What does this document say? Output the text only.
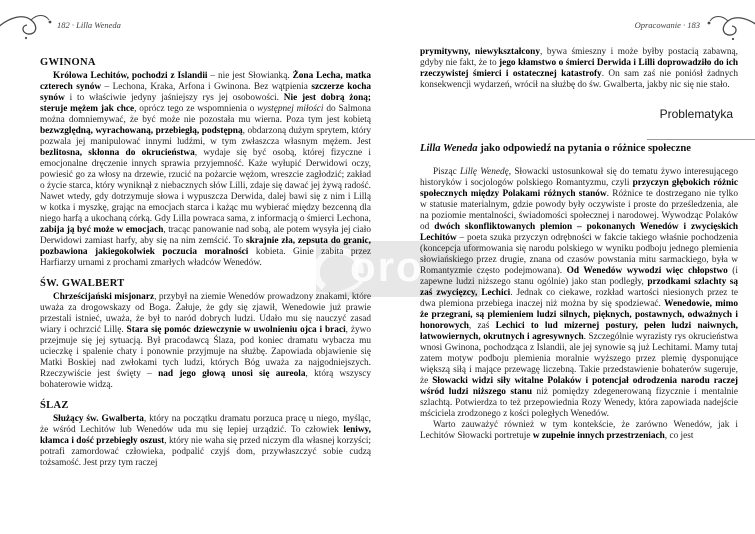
oro
182 · Lilla Weneda
GWINONA

Królowa Lechitów, pochodzi z Islandii – nie jest Słowianką. Żona Lecha, matka czterech synów – Lechona, Kraka, Arfona i Gwinona. Bez wątpienia szczerze kocha synów i to właściwie jedyny jaśniejszy rys jej osobowości. Nie jest dobrą żoną; steruje mężem jak chce, oprócz tego ze wspomnienia o występnej miłości do Salmona można domniemywać, że być może nie pozostała mu wierna. Poza tym jest kobietą bezwzględną, wyrachowaną, przebiegłą, podstępną, obdarzoną dużym sprytem, który pozwala jej manipulować innymi ludźmi, w tym zwłaszcza własnym mężem. Jest bezlitosna, skłonna do okrucieństwa, wydaje się być osobą, której fizyczne i emocjonalne dręczenie innych sprawia przyjemność. Każe wyłupić Derwidowi oczy, powiesić go za włosy na drzewie, rzucić na pożarcie wężom, wreszcie zagłodzić; zakład o życie starca, który wyniknął z niebacznych słów Lilli, zdaje się dawać jej żywą radość. Nawet wtedy, gdy dotrzymuje słowa i wypuszcza Derwida, dalej bawi się z nim i Lillą w kotka i myszkę, grając na emocjach starca i każąc mu wybierać między bezcenną dla niego harfą a ukochaną córką. Gdy Lilla powraca sama, z informacją o śmierci Lechona, zabija ją być może w emocjach, tracąc panowanie nad sobą, ale potem wysyła jej ciało Derwidowi zamiast harfy, aby się na nim zemścić. To skrajnie zła, zepsuta do granic, pozbawiona jakiegokolwiek poczucia moralności kobieta. Ginie zabita przez Harfiarzy urnami z prochami zmarłych władców Wenedów.

ŚW. GWALBERT

Chrześcijański misjonarz, przybył na ziemie Wenedów prowadzony znakami, które uważa za drogowskazy od Boga. Żałuje, że gdy się zjawił, Wenedowie już prawie przestali istnieć, uważa, że był to naród dobrych ludzi. Udało mu się nauczyć zasad wiary i ochrzcić Lillę. Stara się pomóc dziewczynie w uwolnieniu ojca i braci, żywo przejmuje się jej sytuacją. Był pracodawcą Ślaza, pod koniec dramatu wybacza mu ucieczkę i spalenie chaty i ponownie przyjmuje na służbę. Zapowiada objawienie się Matki Boskiej nad zwłokami tych ludzi, których Bóg uważa za najgodniejszych. Rzeczywiście jest święty – nad jego głową unosi się aureola, którą wszyscy bohaterowie widzą.

ŚLAZ

Służący św. Gwalberta, który na początku dramatu porzuca pracę u niego, myśląc, że wśród Lechitów lub Wenedów uda mu się lepiej urządzić. To człowiek leniwy, kłamca i dość przebiegły oszust, który nie waha się przed niczym dla własnej korzyści; potrafi zamordować człowieka, podpalić czyjś dom, przywłaszczyć sobie cudzą tożsamość. Jest przy tym raczej

Opracowanie · 183

prymitywny, niewykształcony, bywa śmieszny i może byłby postacią zabawną, gdyby nie fakt, że to jego kłamstwo o śmierci Derwida i Lilli doprowadziło do ich rzeczywistej śmierci i ostatecznej katastrofy. On sam zaś nie poniósł żadnych konsekwencji wydarzeń, wrócił na służbę do św. Gwalberta, jakby nic się nie stało.

Problematyka
Lilla Weneda jako odpowiedź na pytania o różnice społeczne

Pisząc Lillę Wenedę, Słowacki ustosunkował się do tematu żywo interesującego historyków i socjologów polskiego Romantyzmu, czyli przyczyn głębokich różnic społecznych między Polakami różnych stanów. Różnice te dostrzegano nie tylko w statusie materialnym, gdzie powody były oczywiste i proste do prześledzenia, ale na poziomie mentalności, świadomości społecznej i narodowej. Wywodząc Polaków od dwóch skonfliktowanych plemion – pokonanych Wenedów i zwycięskich Lechitów – poeta szuka przyczyn odrębności w fakcie takiego właśnie pochodzenia (koncepcja uformowania się narodu polskiego w wyniku podboju jednego plemienia słowiańskiego przez drugie, znana od czasów powstania mitu sarmackiego, była w Romantyzmie często podejmowana). Od Wenedów wywodzi więc chłopstwo (i zapewne ludzi niższego stanu ogólnie) jako stan podległy, przodkami szlachty są zaś zwycięzcy, Lechici. Jednak co ciekawe, rozkład wartości niesionych przez te dwa plemiona przebiega inaczej niż można by się spodziewać. Wenedowie, mimo że przegrani, są plemieniem ludzi silnych, pięknych, postawnych, odważnych i honorowych, zaś Lechici to lud mizernej postury, pełen ludzi naiwnych, łatwowiernych, okrutnych i agresywnych. Szczególnie wyrazisty rys okrucieństwa wnosi Gwinona, pochodząca z Islandii, ale jej synowie są już Lechitami. Mamy tutaj zatem motyw podboju plemienia moralnie wyższego przez plemię dysponujące większą siłą i mające przewagę liczebną. Takie przedstawienie bohaterów sugeruje, że Słowacki widzi siły witalne Polaków i potencjał odrodzenia narodu raczej wśród ludzi niższego stanu niż pomiędzy zdegenerowaną fizycznie i mentalnie szlachtą. Potwierdza to też przepowiednia Rozy Wenedy, która zapowiada nadejście mściciela zrodzonego z kości poległych Wenedów.

Warto zauważyć również w tym kontekście, że zarówno Wenedów, jak i Lechitów Słowacki portretuje w zupełnie innych przestrzeniach, co jest
